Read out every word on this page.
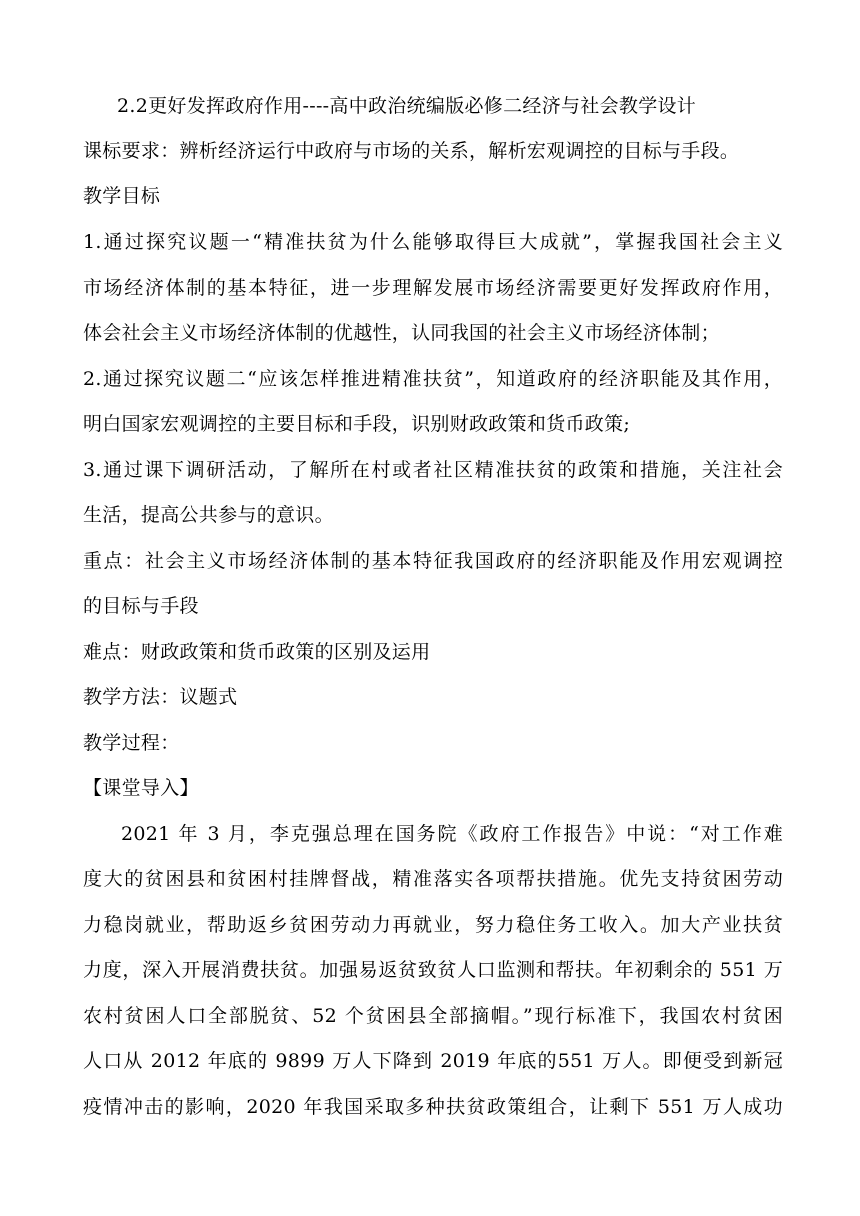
2.2更好发挥政府作用----高中政治统编版必修二经济与社会教学设计
课标要求：辨析经济运行中政府与市场的关系，解析宏观调控的目标与手段。
教学目标
1.通过探究议题一“精准扶贫为什么能够取得巨大成就”，掌握我国社会主义
市场经济体制的基本特征，进一步理解发展市场经济需要更好发挥政府作用，
体会社会主义市场经济体制的优越性，认同我国的社会主义市场经济体制；
2.通过探究议题二“应该怎样推进精准扶贫”，知道政府的经济职能及其作用，
明白国家宏观调控的主要目标和手段，识别财政政策和货币政策;
3.通过课下调研活动，了解所在村或者社区精准扶贫的政策和措施，关注社会
生活，提高公共参与的意识。
重点：社会主义市场经济体制的基本特征我国政府的经济职能及作用宏观调控
的目标与手段
难点：财政政策和货币政策的区别及运用
教学方法：议题式
教学过程：
【课堂导入】
2021 年 3 月，李克强总理在国务院《政府工作报告》中说：“对工作难
度大的贫困县和贫困村挂牌督战，精准落实各项帮扶措施。优先支持贫困劳动
力稳岗就业，帮助返乡贫困劳动力再就业，努力稳住务工收入。加大产业扶贫
力度，深入开展消费扶贫。加强易返贫致贫人口监测和帮扶。年初剩余的 551 万
农村贫困人口全部脱贫、52 个贫困县全部摘帽。”现行标准下，我国农村贫困
人口从 2012 年底的 9899 万人下降到 2019 年底的551 万人。即便受到新冠
疫情冲击的影响，2020 年我国采取多种扶贫政策组合，让剩下 551 万人成功
